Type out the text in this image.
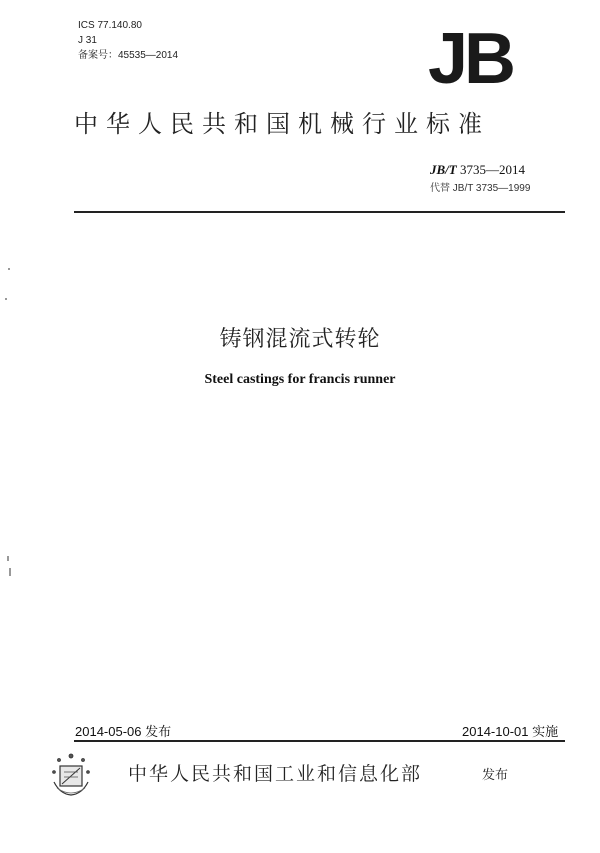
ICS 77.140.80
J 31
备案号：45535—2014	JB
中华人民共和国机械行业标准
JB/T 3735—2014
代替 JB/T 3735—1999
铸钢混流式转轮
Steel castings for francis runner
2014-05-06 发布	2014-10-01 实施
中华人民共和国工业和信息化部	发布
